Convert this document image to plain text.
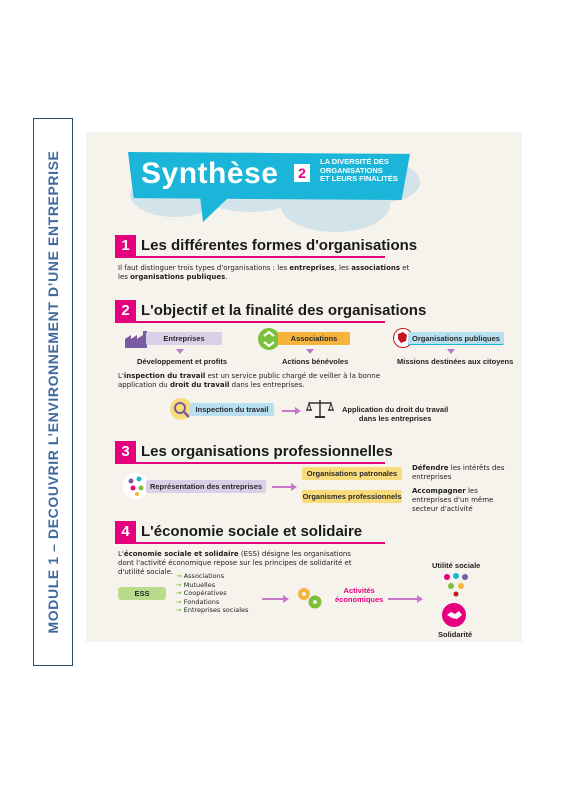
MODULE 1 – DECOUVRIR L’ENVIRONNEMENT D’UNE ENTREPRISE	Synthèse 2
LA DIVERSITÉ DES
ORGANISATIONS
ET LEURS FINALITÉS
1 Les différentes formes d'organisations
Il faut distinguer trois types d'organisations : les entreprises, les associations et les organisations publiques.
2 L'objectif et la finalité des organisations
Entreprises
Développement et profits
Associations
Actions bénévoles
Organisations publiques
Missions destinées aux citoyens
L'inspection du travail est un service public chargé de veiller à la bonne application du droit du travail dans les entreprises.
Inspection du travail	Application du droit du travail
dans les entreprises
3 Les organisations professionnelles
Représentation des entreprises
Organisations patronales
Organismes professionnels
Défendre les intérêts des entreprises
Accompagner les entreprises d'un même secteur d'activité
4 L'économie sociale et solidaire
L'économie sociale et solidaire (ESS) désigne les organisations dont l'activité économique repose sur les principes de solidarité et d'utilité sociale.
ESS
→ Associations
→ Mutuelles
→ Coopératives
→ Fondations
→ Entreprises sociales
Activités
économiques
Utilité sociale
Solidarité
